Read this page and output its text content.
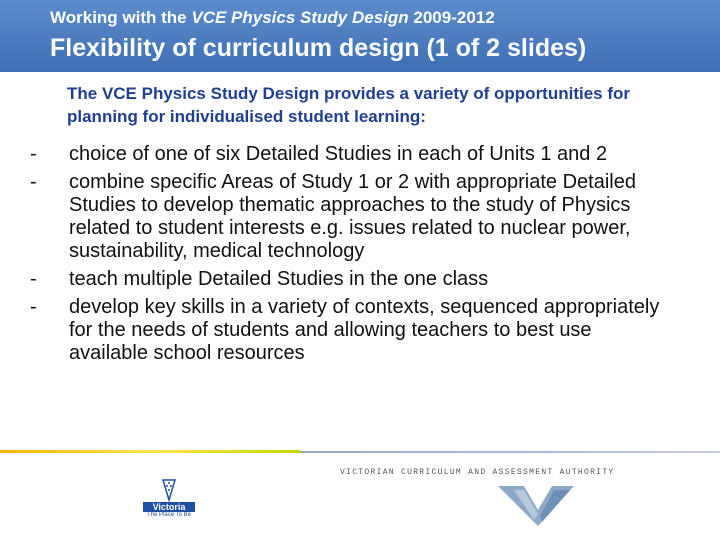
Working with the VCE Physics Study Design 2009-2012
Flexibility of curriculum design (1 of 2 slides)
The VCE Physics Study Design provides a variety of opportunities for planning for individualised student learning:
- choice of one of six Detailed Studies in each of Units 1 and 2
- combine specific Areas of Study 1 or 2 with appropriate Detailed Studies to develop thematic approaches to the study of Physics related to student interests e.g. issues related to nuclear power, sustainability, medical technology
- teach multiple Detailed Studies in the one class
- develop key skills in a variety of contexts, sequenced appropriately for the needs of students and allowing teachers to best use available school resources
VICTORIAN CURRICULUM AND ASSESSMENT AUTHORITY
Victoria
The Place To Be
